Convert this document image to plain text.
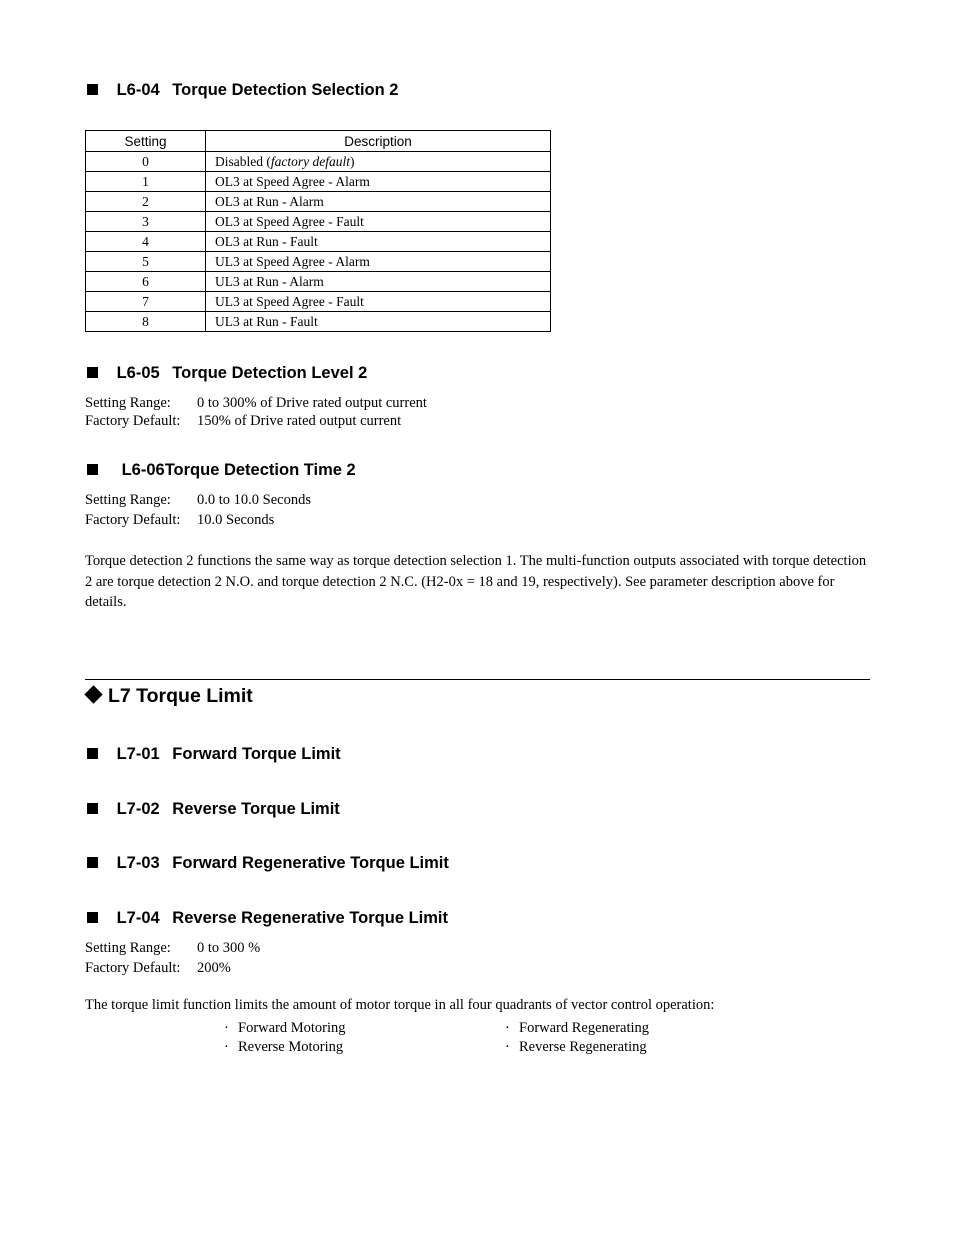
L6-04 Torque Detection Selection 2
Setting	Description
0	Disabled (factory default)
1	OL3 at Speed Agree - Alarm
2	OL3 at Run - Alarm
3	OL3 at Speed Agree - Fault
4	OL3 at Run - Fault
5	UL3 at Speed Agree - Alarm
6	UL3 at Run - Alarm
7	UL3 at Speed Agree - Fault
8	UL3 at Run - Fault
L6-05 Torque Detection Level 2
Setting Range: 0 to 300% of Drive rated output current
Factory Default: 150% of Drive rated output current
L6-06Torque Detection Time 2
Setting Range: 0.0 to 10.0 Seconds
Factory Default: 10.0 Seconds
Torque detection 2 functions the same way as torque detection selection 1. The multi-function outputs associated with torque detection 2 are torque detection 2 N.O. and torque detection 2 N.C. (H2-0x = 18 and 19, respectively). See parameter description above for details.
L7 Torque Limit
L7-01 Forward Torque Limit
L7-02 Reverse Torque Limit
L7-03 Forward Regenerative Torque Limit
L7-04 Reverse Regenerative Torque Limit
Setting Range: 0 to 300 %
Factory Default: 200%
The torque limit function limits the amount of motor torque in all four quadrants of vector control operation:
· Forward Motoring
· Reverse Motoring
· Forward Regenerating
· Reverse Regenerating
